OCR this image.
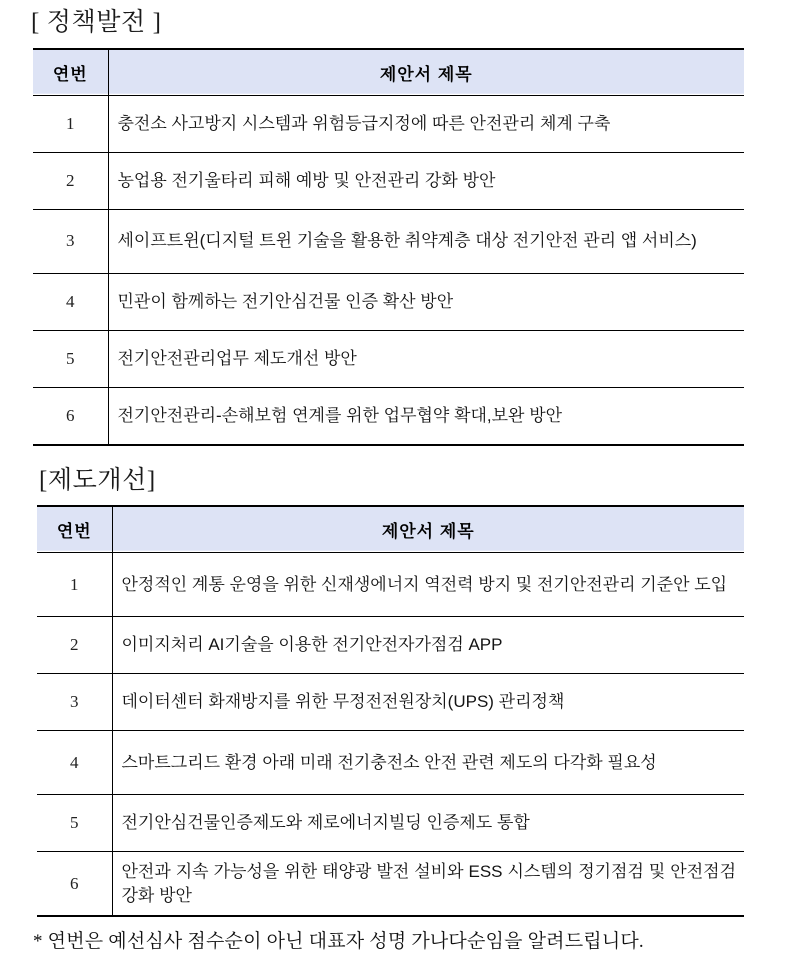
[ 정책발전 ]
연번	제안서 제목
1	충전소 사고방지 시스템과 위험등급지정에 따른 안전관리 체계 구축
2	농업용 전기울타리 피해 예방 및 안전관리 강화 방안
3	세이프트윈(디지털 트윈 기술을 활용한 취약계층 대상 전기안전 관리 앱 서비스)
4	민관이 함께하는 전기안심건물 인증 확산 방안
5	전기안전관리업무 제도개선 방안
6	전기안전관리-손해보험 연계를 위한 업무협약 확대,보완 방안
[제도개선]
연번	제안서 제목
1	안정적인 계통 운영을 위한 신재생에너지 역전력 방지 및 전기안전관리 기준안 도입
2	이미지처리 AI기술을 이용한 전기안전자가점검 APP
3	데이터센터 화재방지를 위한 무정전전원장치(UPS) 관리정책
4	스마트그리드 환경 아래 미래 전기충전소 안전 관련 제도의 다각화 필요성
5	전기안심건물인증제도와 제로에너지빌딩 인증제도 통합
6	안전과 지속 가능성을 위한 태양광 발전 설비와 ESS 시스템의 정기점검 및 안전점검 강화 방안
* 연번은 예선심사 점수순이 아닌 대표자 성명 가나다순임을 알려드립니다.
